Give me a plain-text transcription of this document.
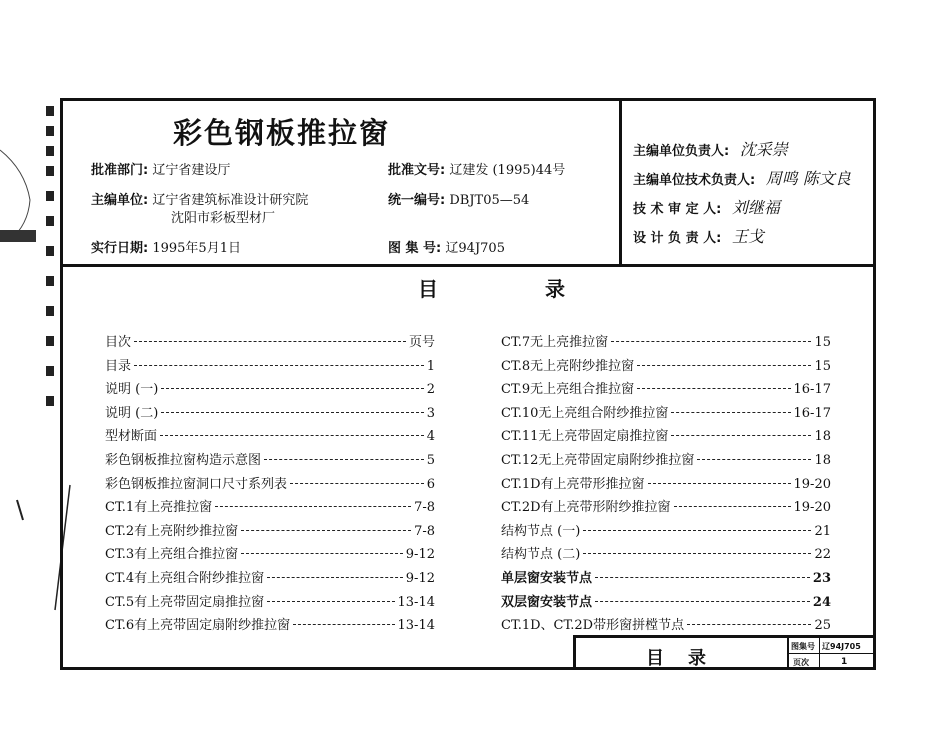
彩色钢板推拉窗
批准部门: 辽宁省建设厅	批准文号: 辽建发 (1995)44号
主编单位: 辽宁省建筑标准设计研究院
沈阳市彩板型材厂
统一编号: DBJT05—54
实行日期: 1995年5月1日	图 集 号: 辽94J705
主编单位负责人: 沈采崇
主编单位技术负责人: 周鸣 陈文良
技 术 审 定 人: 刘继福
设 计 负 责 人: 王戈
目	录
目次	页号
目录	1
说明 (一)	2
说明 (二)	3
型材断面	4
彩色钢板推拉窗构造示意图	5
彩色钢板推拉窗洞口尺寸系列表	6
CT.1有上亮推拉窗	7-8
CT.2有上亮附纱推拉窗	7-8
CT.3有上亮组合推拉窗	9-12
CT.4有上亮组合附纱推拉窗	9-12
CT.5有上亮带固定扇推拉窗	13-14
CT.6有上亮带固定扇附纱推拉窗	13-14
CT.7无上亮推拉窗	15
CT.8无上亮附纱推拉窗	15
CT.9无上亮组合推拉窗	16-17
CT.10无上亮组合附纱推拉窗	16-17
CT.11无上亮带固定扇推拉窗	18
CT.12无上亮带固定扇附纱推拉窗	18
CT.1D有上亮带形推拉窗	19-20
CT.2D有上亮带形附纱推拉窗	19-20
结构节点 (一)	21
结构节点 (二)	22
单层窗安装节点	23
双层窗安装节点	24
CT.1D、CT.2D带形窗拼樘节点	25
目录
图集号 辽94J705
页次	1
